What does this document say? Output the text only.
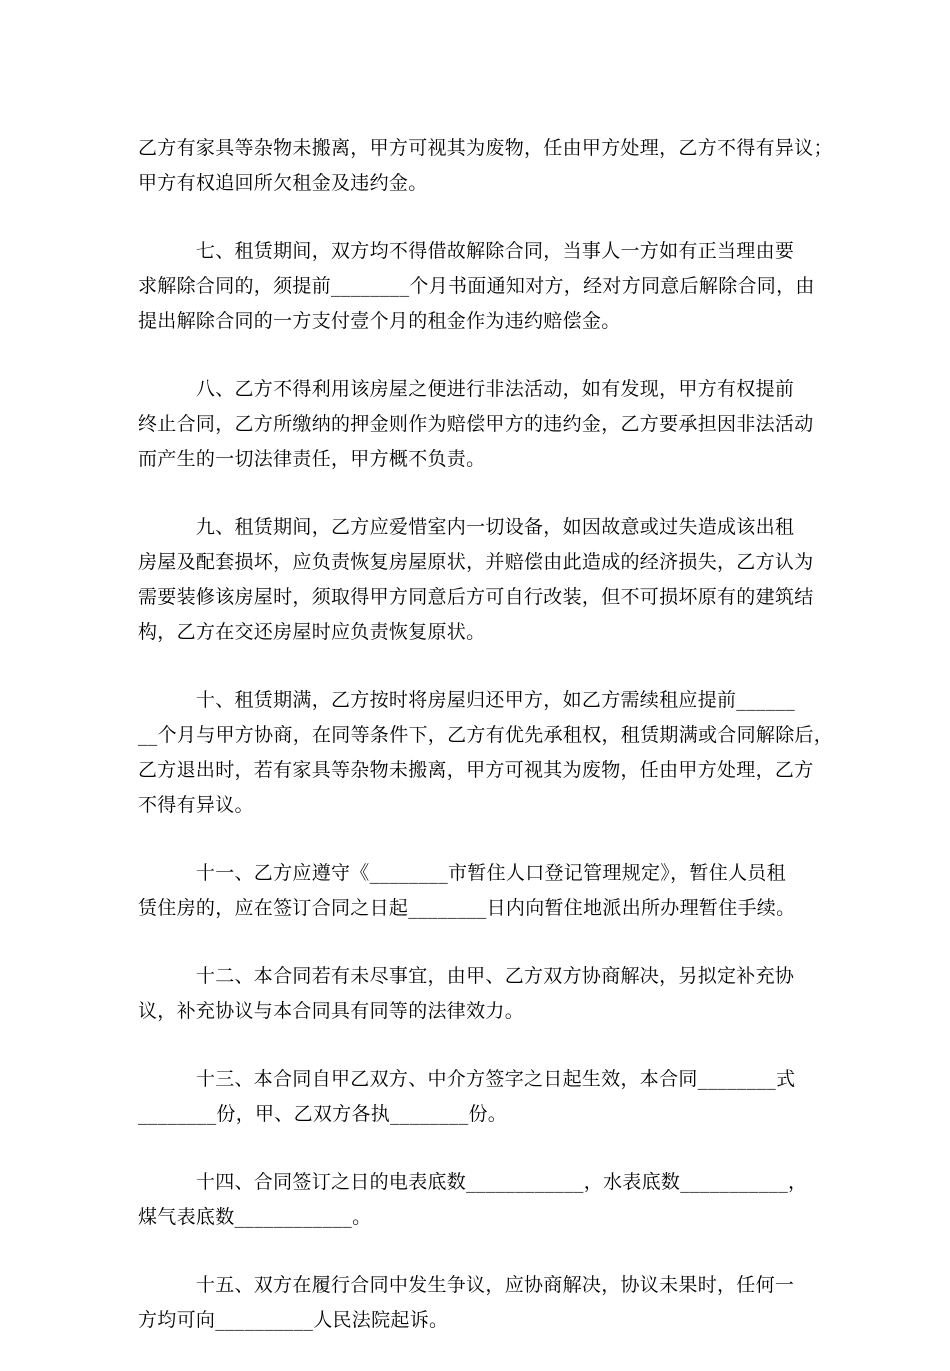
乙方有家具等杂物未搬离，甲方可视其为废物，任由甲方处理，乙方不得有异议；
甲方有权追回所欠租金及违约金。
　　　七、租赁期间，双方均不得借故解除合同，当事人一方如有正当理由要
求解除合同的，须提前________个月书面通知对方，经对方同意后解除合同，由
提出解除合同的一方支付壹个月的租金作为违约赔偿金。
　　　八、乙方不得利用该房屋之便进行非法活动，如有发现，甲方有权提前
终止合同，乙方所缴纳的押金则作为赔偿甲方的违约金，乙方要承担因非法活动
而产生的一切法律责任，甲方概不负责。
　　　九、租赁期间，乙方应爱惜室内一切设备，如因故意或过失造成该出租
房屋及配套损坏，应负责恢复房屋原状，并赔偿由此造成的经济损失，乙方认为
需要装修该房屋时，须取得甲方同意后方可自行改装，但不可损坏原有的建筑结
构，乙方在交还房屋时应负责恢复原状。
　　　十、租赁期满，乙方按时将房屋归还甲方，如乙方需续租应提前______
__个月与甲方协商，在同等条件下，乙方有优先承租权，租赁期满或合同解除后，
乙方退出时，若有家具等杂物未搬离，甲方可视其为废物，任由甲方处理，乙方
不得有异议。
　　　十一、乙方应遵守《________市暂住人口登记管理规定》，暂住人员租
赁住房的，应在签订合同之日起________日内向暂住地派出所办理暂住手续。
　　　十二、本合同若有未尽事宜，由甲、乙方双方协商解决，另拟定补充协
议，补充协议与本合同具有同等的法律效力。
　　　十三、本合同自甲乙双方、中介方签字之日起生效，本合同________式
________份，甲、乙双方各执________份。
　　　十四、合同签订之日的电表底数____________，水表底数___________，
煤气表底数____________。
　　　十五、双方在履行合同中发生争议，应协商解决，协议未果时，任何一
方均可向__________人民法院起诉。
